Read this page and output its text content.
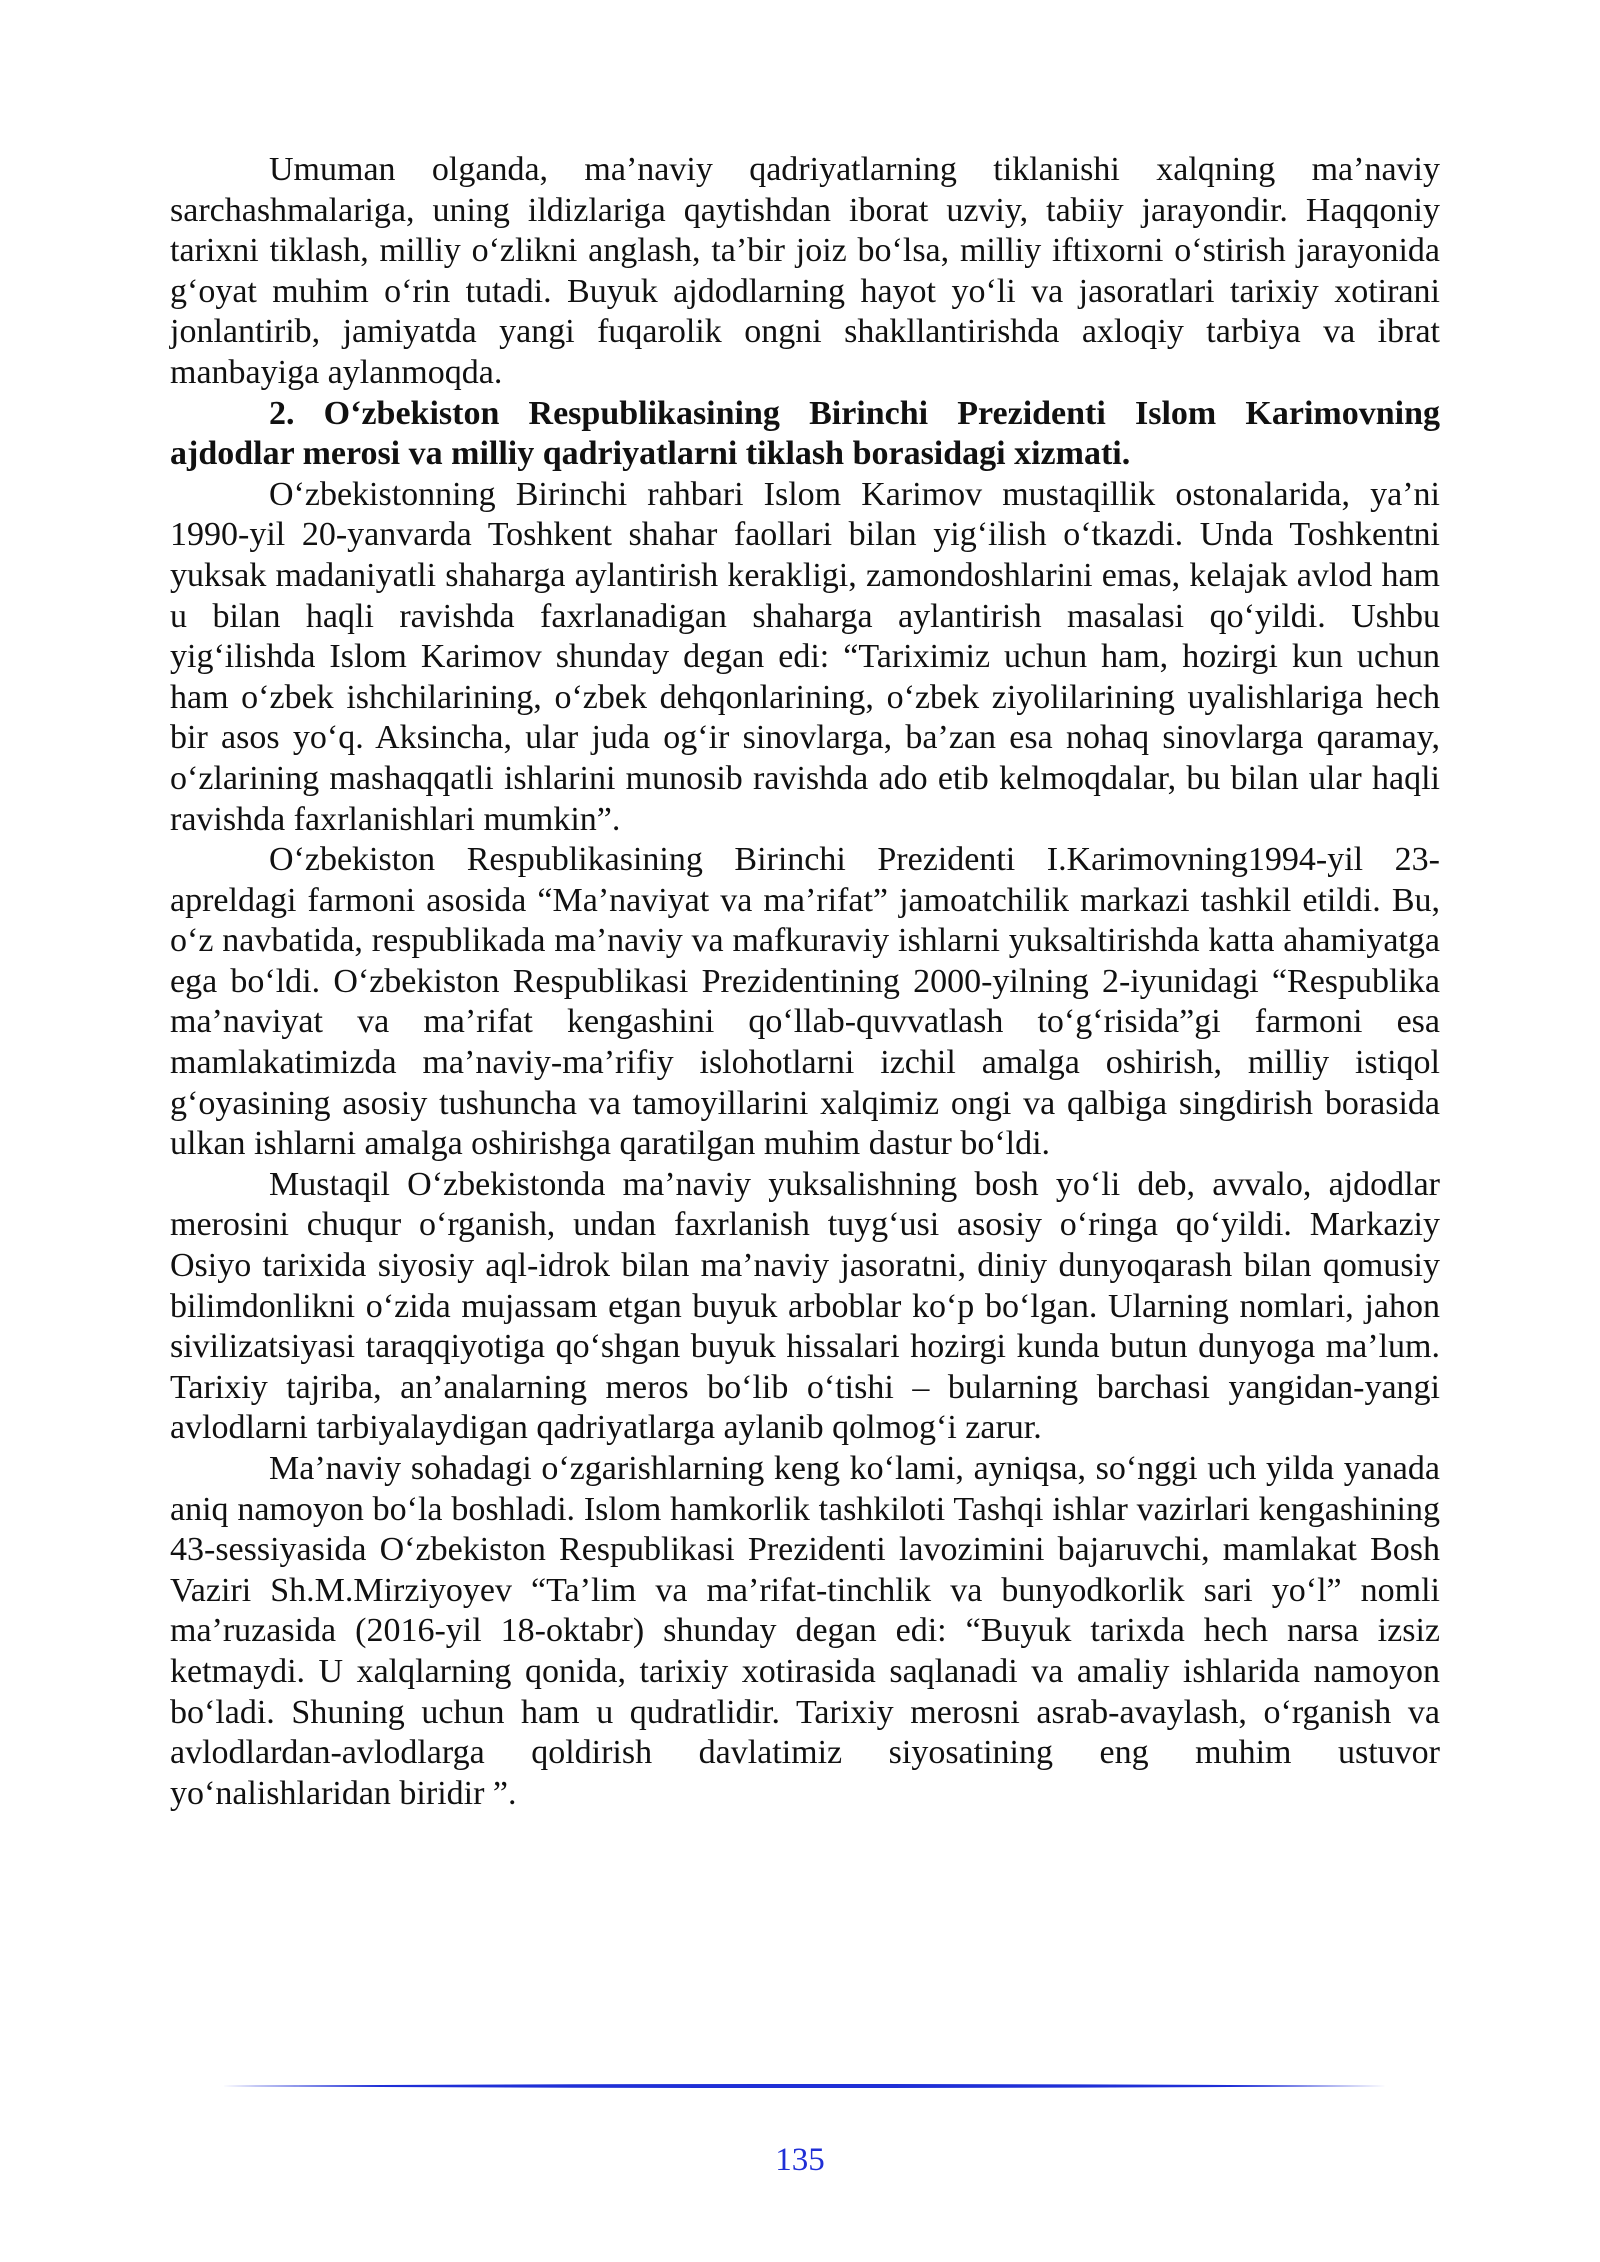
Umuman olganda, ma’naviy qadriyatlarning tiklanishi xalqning ma’naviy sarchashmalariga, uning ildizlariga qaytishdan iborat uzviy, tabiiy jarayondir. Haqqoniy tarixni tiklash, milliy o‘zlikni anglash, ta’bir joiz bo‘lsa, milliy iftixorni o‘stirish jarayonida g‘oyat muhim o‘rin tutadi. Buyuk ajdodlarning hayot yo‘li va jasoratlari tarixiy xotirani jonlantirib, jamiyatda yangi fuqarolik ongni shakllantirishda axloqiy tarbiya va ibrat manbayiga aylanmoqda.

2. O‘zbekiston Respublikasining Birinchi Prezidenti Islom Karimovning ajdodlar merosi va milliy qadriyatlarni tiklash borasidagi xizmati.

O‘zbekistonning Birinchi rahbari Islom Karimov mustaqillik ostonalarida, ya’ni 1990-yil 20-yanvarda Toshkent shahar faollari bilan yig‘ilish o‘tkazdi. Unda Toshkentni yuksak madaniyatli shaharga aylantirish kerakligi, zamondoshlarini emas, kelajak avlod ham u bilan haqli ravishda faxrlanadigan shaharga aylantirish masalasi qo‘yildi. Ushbu yig‘ilishda Islom Karimov shunday degan edi: “Tariximiz uchun ham, hozirgi kun uchun ham o‘zbek ishchilarining, o‘zbek dehqonlarining, o‘zbek ziyolilarining uyalishlariga hech bir asos yo‘q. Aksincha, ular juda og‘ir sinovlarga, ba’zan esa nohaq sinovlarga qaramay, o‘zlarining mashaqqatli ishlarini munosib ravishda ado etib kelmoqdalar, bu bilan ular haqli ravishda faxrlanishlari mumkin”.

O‘zbekiston Respublikasining Birinchi Prezidenti I.Karimovning1994-yil 23-apreldagi farmoni asosida “Ma’naviyat va ma’rifat” jamoatchilik markazi tashkil etildi. Bu, o‘z navbatida, respublikada ma’naviy va mafkuraviy ishlarni yuksaltirishda katta ahamiyatga ega bo‘ldi. O‘zbekiston Respublikasi Prezidentining 2000-yilning 2-iyunidagi “Respublika ma’naviyat va ma’rifat kengashini qo‘llab-quvvatlash to‘g‘risida”gi farmoni esa mamlakatimizda ma’naviy-ma’rifiy islohotlarni izchil amalga oshirish, milliy istiqol g‘oyasining asosiy tushuncha va tamoyillarini xalqimiz ongi va qalbiga singdirish borasida ulkan ishlarni amalga oshirishga qaratilgan muhim dastur bo‘ldi.

Mustaqil O‘zbekistonda ma’naviy yuksalishning bosh yo‘li deb, avvalo, ajdodlar merosini chuqur o‘rganish, undan faxrlanish tuyg‘usi asosiy o‘ringa qo‘yildi. Markaziy Osiyo tarixida siyosiy aql-idrok bilan ma’naviy jasoratni, diniy dunyoqarash bilan qomusiy bilimdonlikni o‘zida mujassam etgan buyuk arboblar ko‘p bo‘lgan. Ularning nomlari, jahon sivilizatsiyasi taraqqiyotiga qo‘shgan buyuk hissalari hozirgi kunda butun dunyoga ma’lum. Tarixiy tajriba, an’analarning meros bo‘lib o‘tishi – bularning barchasi yangidan-yangi avlodlarni tarbiyalaydigan qadriyatlarga aylanib qolmog‘i zarur.

Ma’naviy sohadagi o‘zgarishlarning keng ko‘lami, ayniqsa, so‘nggi uch yilda yanada aniq namoyon bo‘la boshladi. Islom hamkorlik tashkiloti Tashqi ishlar vazirlari kengashining 43-sessiyasida O‘zbekiston Respublikasi Prezidenti lavozimini bajaruvchi, mamlakat Bosh Vaziri Sh.M.Mirziyoyev “Ta’lim va ma’rifat-tinchlik va bunyodkorlik sari yo‘l” nomli ma’ruzasida (2016-yil 18-oktabr) shunday degan edi: “Buyuk tarixda hech narsa izsiz ketmaydi. U xalqlarning qonida, tarixiy xotirasida saqlanadi va amaliy ishlarida namoyon bo‘ladi. Shuning uchun ham u qudratlidir. Tarixiy merosni asrab-avaylash, o‘rganish va avlodlardan-avlodlarga qoldirish davlatimiz siyosatining eng muhim ustuvor yo‘nalishlaridan biridir ”.

135
